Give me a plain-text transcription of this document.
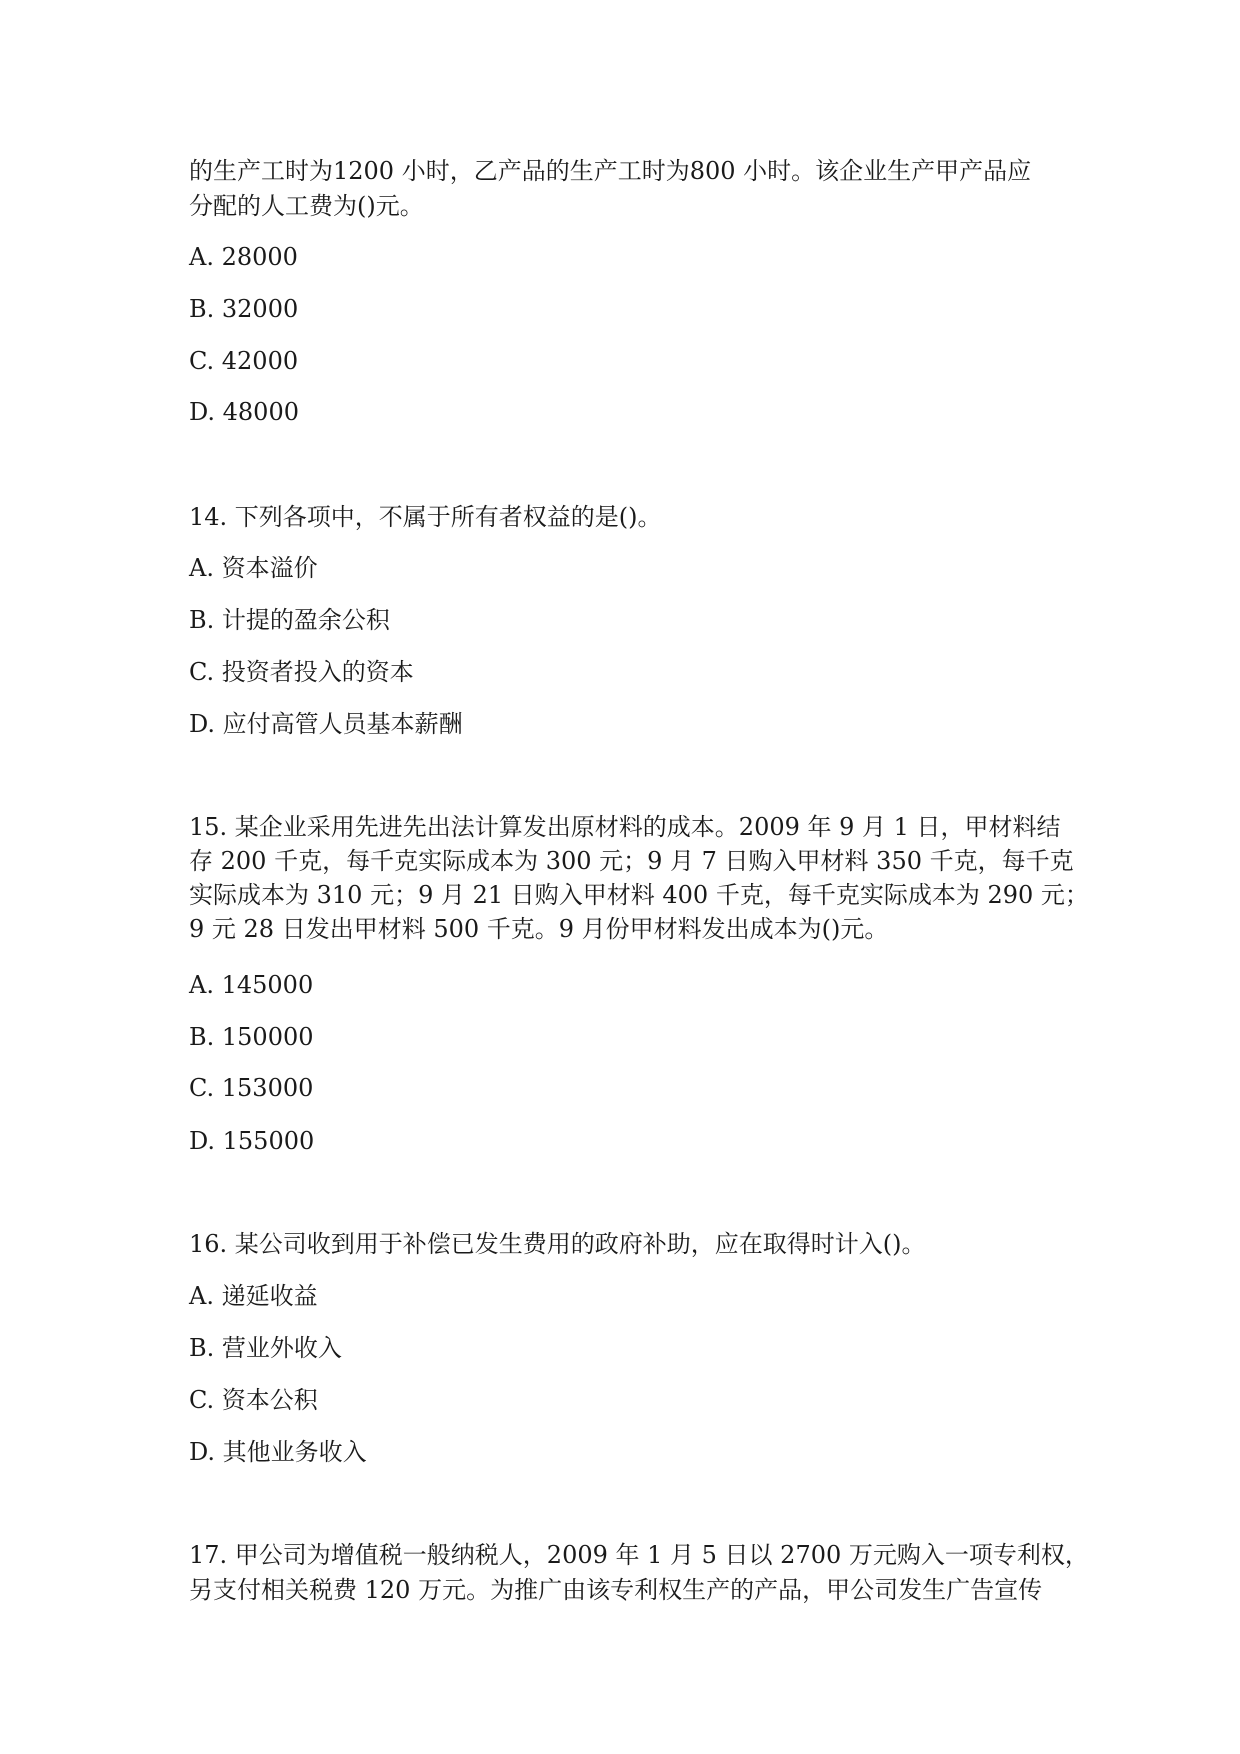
的生产工时为1200 小时，乙产品的生产工时为800 小时。该企业生产甲产品应
分配的人工费为()元。
A. 28000
B. 32000
C. 42000
D. 48000
14. 下列各项中，不属于所有者权益的是()。
A. 资本溢价
B. 计提的盈余公积
C. 投资者投入的资本
D. 应付高管人员基本薪酬
15. 某企业采用先进先出法计算发出原材料的成本。2009 年 9 月 1 日，甲材料结
存 200 千克，每千克实际成本为 300 元；9 月 7 日购入甲材料 350 千克，每千克
实际成本为 310 元；9 月 21 日购入甲材料 400 千克，每千克实际成本为 290 元；
9 元 28 日发出甲材料 500 千克。9 月份甲材料发出成本为()元。
A. 145000
B. 150000
C. 153000
D. 155000
16. 某公司收到用于补偿已发生费用的政府补助，应在取得时计入()。
A. 递延收益
B. 营业外收入
C. 资本公积
D. 其他业务收入
17. 甲公司为增值税一般纳税人，2009 年 1 月 5 日以 2700 万元购入一项专利权，
另支付相关税费 120 万元。为推广由该专利权生产的产品，甲公司发生广告宣传
